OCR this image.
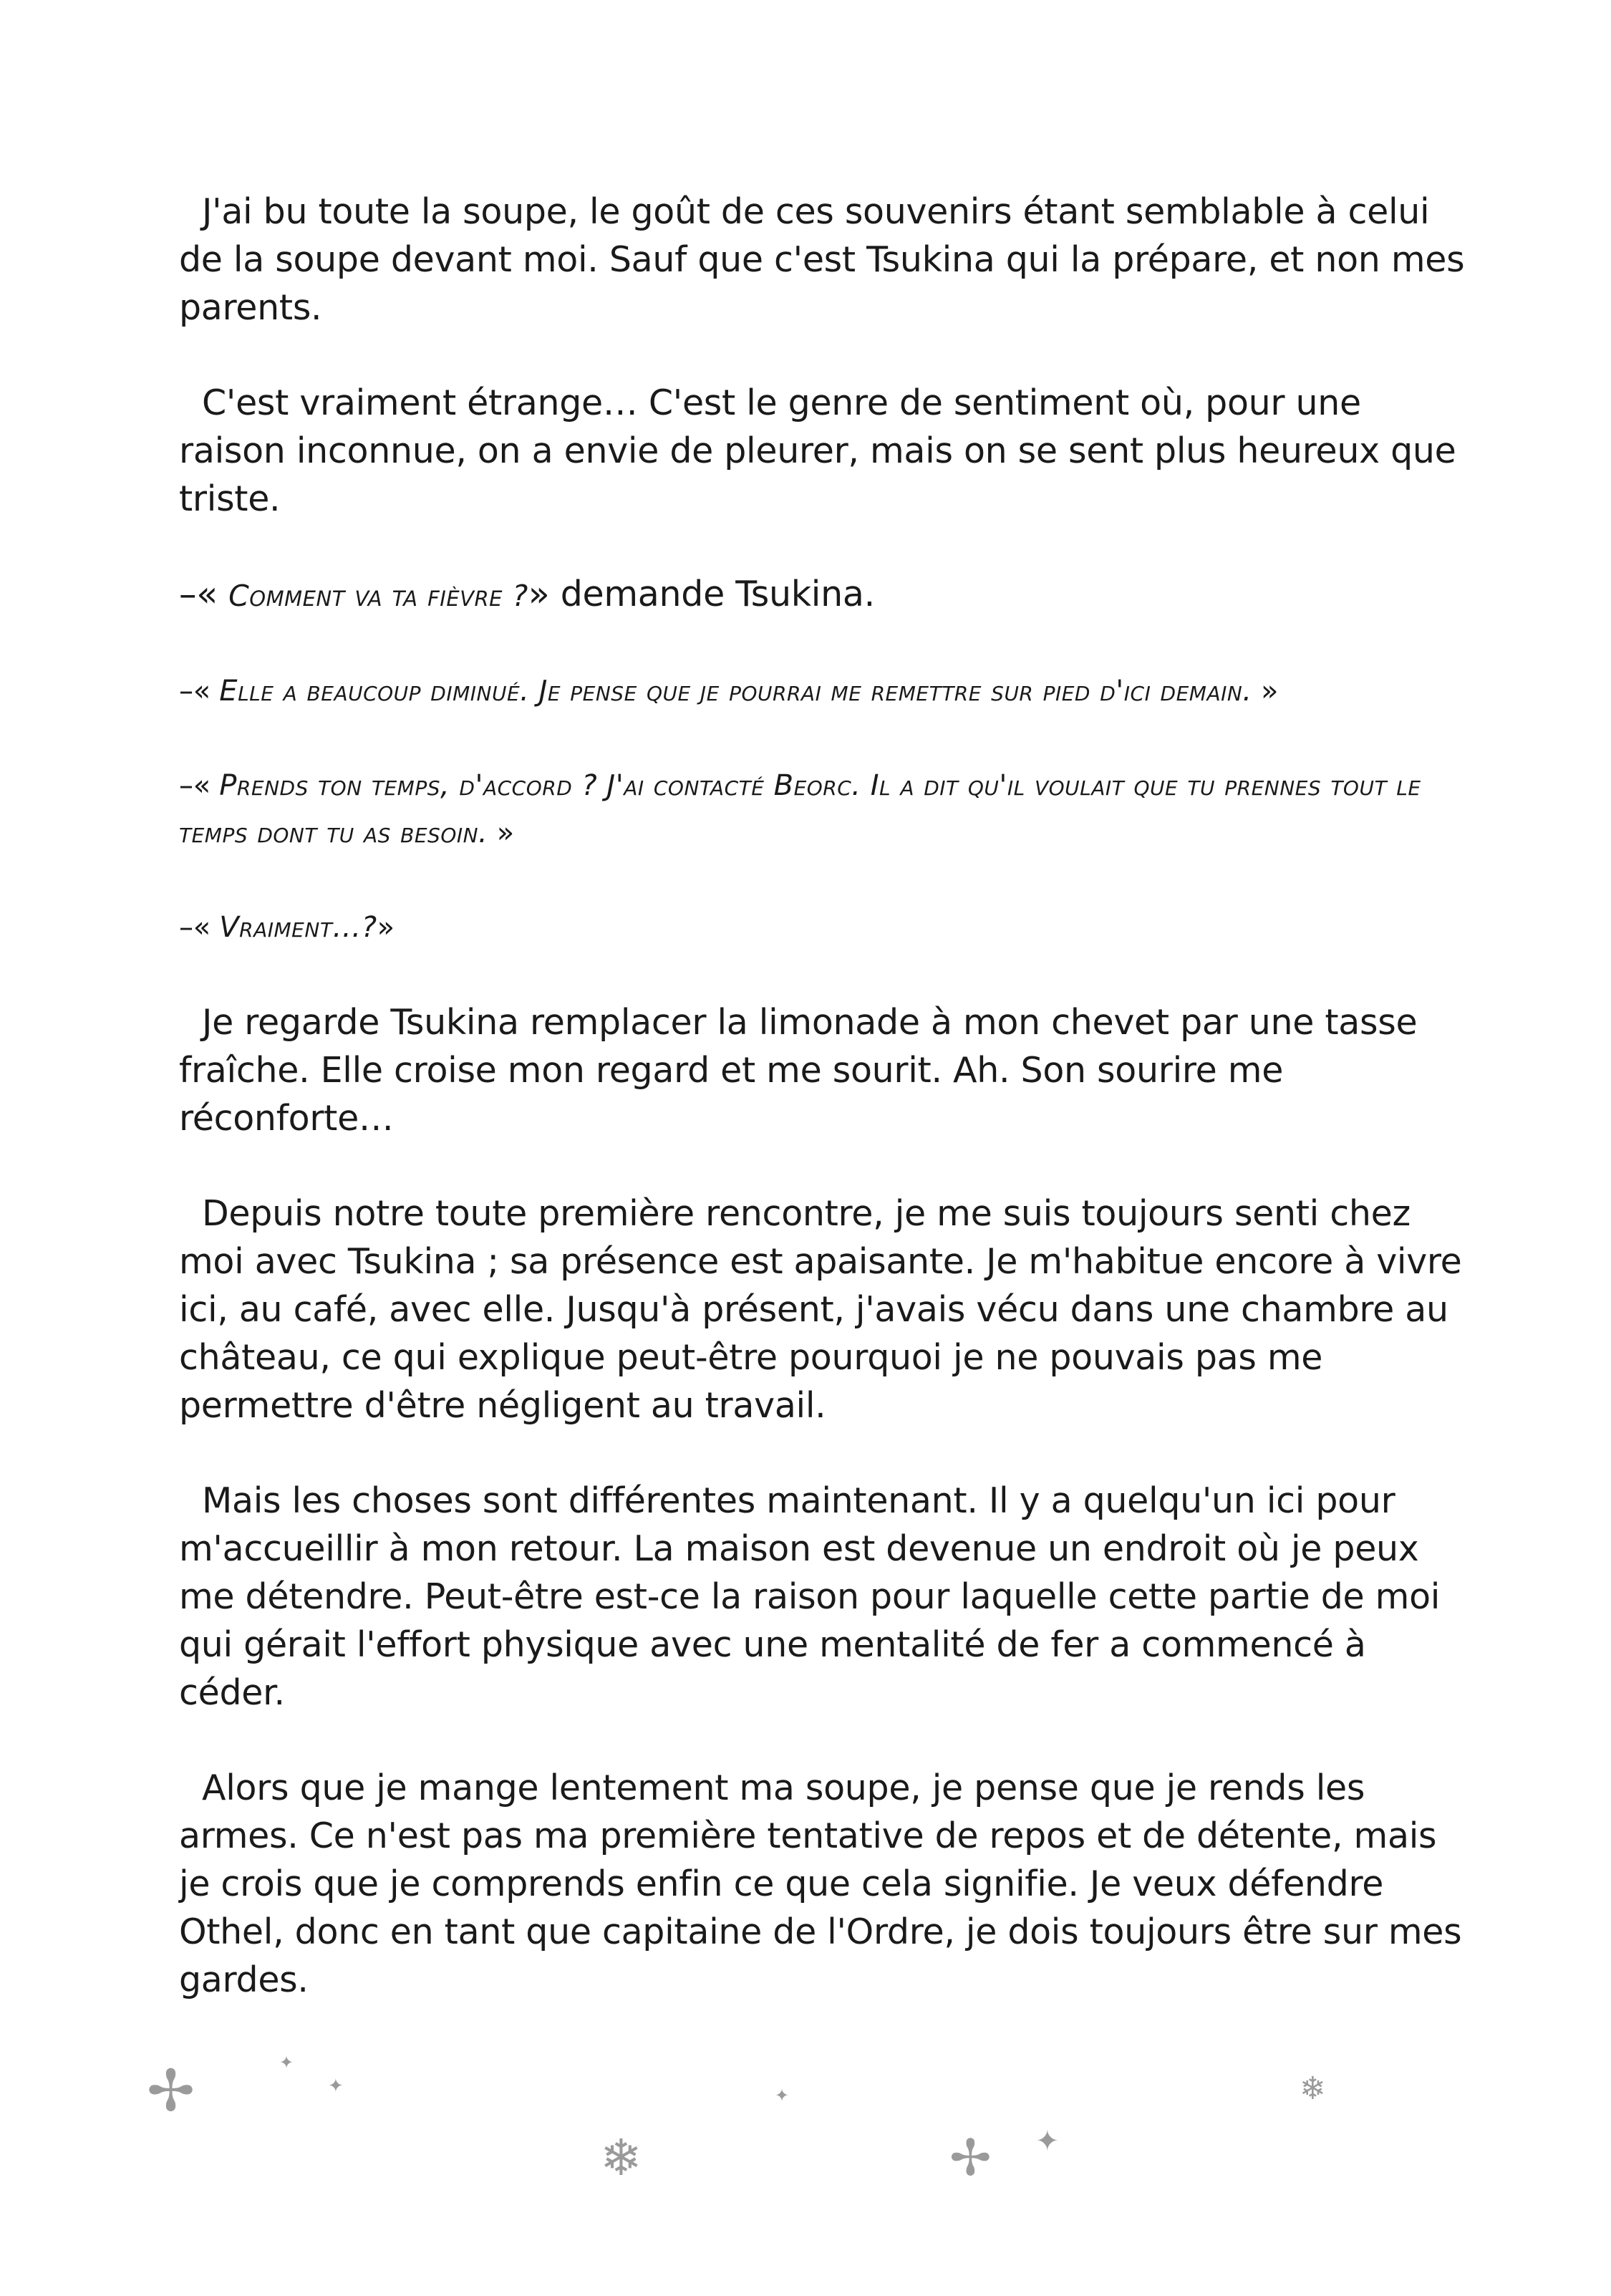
J'ai bu toute la soupe, le goût de ces souvenirs étant semblable à celui de la soupe devant moi. Sauf que c'est Tsukina qui la prépare, et non mes parents.

C'est vraiment étrange… C'est le genre de sentiment où, pour une raison inconnue, on a envie de pleurer, mais on se sent plus heureux que triste.

–« Comment va ta fièvre ?» demande Tsukina.

–« Elle a beaucoup diminué. Je pense que je pourrai me remettre sur pied d'ici demain. »

–« Prends ton temps, d'accord ? J'ai contacté Beorc. Il a dit qu'il voulait que tu prennes tout le temps dont tu as besoin. »

–« Vraiment…?»

Je regarde Tsukina remplacer la limonade à mon chevet par une tasse fraîche. Elle croise mon regard et me sourit. Ah. Son sourire me réconforte…

Depuis notre toute première rencontre, je me suis toujours senti chez moi avec Tsukina ; sa présence est apaisante. Je m'habitue encore à vivre ici, au café, avec elle. Jusqu'à présent, j'avais vécu dans une chambre au château, ce qui explique peut-être pourquoi je ne pouvais pas me permettre d'être négligent au travail.

Mais les choses sont différentes maintenant. Il y a quelqu'un ici pour m'accueillir à mon retour. La maison est devenue un endroit où je peux me détendre. Peut-être est-ce la raison pour laquelle cette partie de moi qui gérait l'effort physique avec une mentalité de fer a commencé à céder.

Alors que je mange lentement ma soupe, je pense que je rends les armes. Ce n'est pas ma première tentative de repos et de détente, mais je crois que je comprends enfin ce que cela signifie. Je veux défendre Othel, donc en tant que capitaine de l'Ordre, je dois toujours être sur mes gardes.

✢	✦
✦
❄
✦
✢ ✦
❄
